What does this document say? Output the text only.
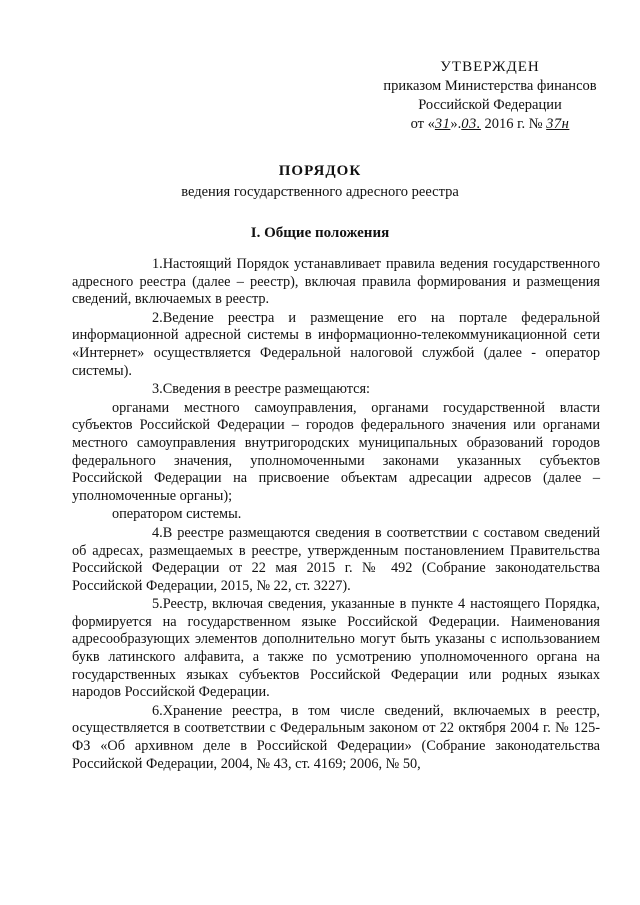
УТВЕРЖДЕН
приказом Министерства финансов
Российской Федерации
от «31».03. 2016 г. № 37н
ПОРЯДОК
ведения государственного адресного реестра
I. Общие положения

1.Настоящий Порядок устанавливает правила ведения государственного адресного реестра (далее – реестр), включая правила формирования и размещения сведений, включаемых в реестр.

2.Ведение реестра и размещение его на портале федеральной информационной адресной системы в информационно-телекоммуникационной сети «Интернет» осуществляется Федеральной налоговой службой (далее - оператор системы).

3.Сведения в реестре размещаются:

органами местного самоуправления, органами государственной власти субъектов Российской Федерации – городов федерального значения или органами местного самоуправления внутригородских муниципальных образований городов федерального значения, уполномоченными законами указанных субъектов Российской Федерации на присвоение объектам адресации адресов (далее – уполномоченные органы);

оператором системы.

4.В реестре размещаются сведения в соответствии с составом сведений об адресах, размещаемых в реестре, утвержденным постановлением Правительства Российской Федерации от 22 мая 2015 г. № 492 (Собрание законодательства Российской Федерации, 2015, № 22, ст. 3227).

5.Реестр, включая сведения, указанные в пункте 4 настоящего Порядка, формируется на государственном языке Российской Федерации. Наименования адресообразующих элементов дополнительно могут быть указаны с использованием букв латинского алфавита, а также по усмотрению уполномоченного органа на государственных языках субъектов Российской Федерации или родных языках народов Российской Федерации.

6.Хранение реестра, в том числе сведений, включаемых в реестр, осуществляется в соответствии с Федеральным законом от 22 октября 2004 г. № 125-ФЗ «Об архивном деле в Российской Федерации» (Собрание законодательства Российской Федерации, 2004, № 43, ст. 4169; 2006, № 50,
